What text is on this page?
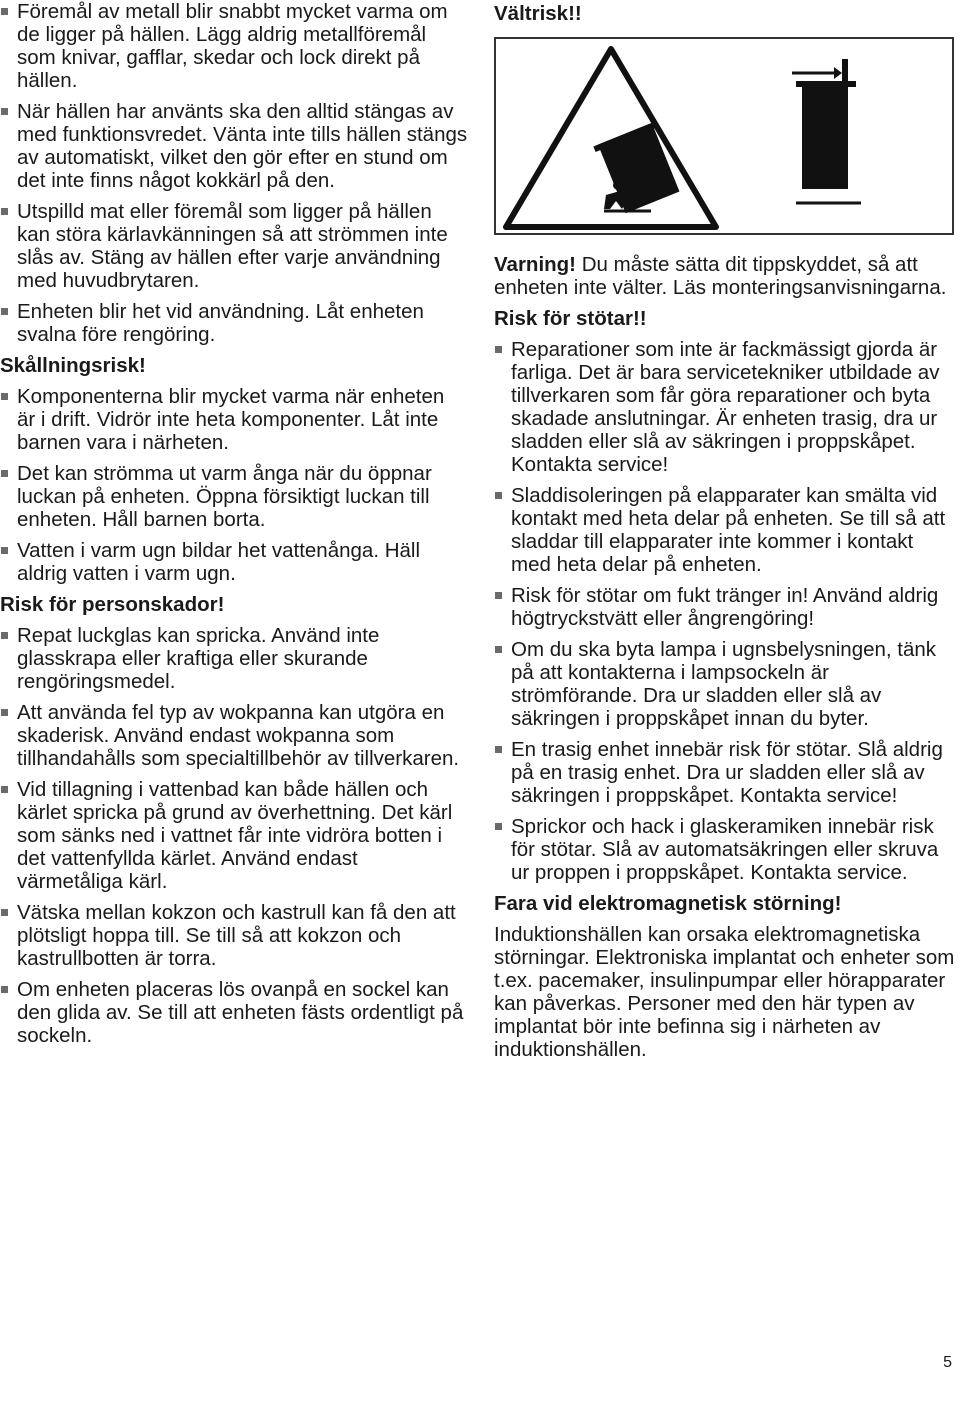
Föremål av metall blir snabbt mycket varma om de ligger på hällen. Lägg aldrig metallföremål som knivar, gafflar, skedar och lock direkt på hällen.
När hällen har använts ska den alltid stängas av med funktionsvredet. Vänta inte tills hällen stängs av automatiskt, vilket den gör efter en stund om det inte finns något kokkärl på den.
Utspilld mat eller föremål som ligger på hällen kan störa kärlavkänningen så att strömmen inte slås av. Stäng av hällen efter varje användning med huvudbrytaren.
Enheten blir het vid användning. Låt enheten svalna före rengöring.
Skållningsrisk!
Komponenterna blir mycket varma när enheten är i drift. Vidrör inte heta komponenter. Låt inte barnen vara i närheten.
Det kan strömma ut varm ånga när du öppnar luckan på enheten. Öppna försiktigt luckan till enheten. Håll barnen borta.
Vatten i varm ugn bildar het vattenånga. Häll aldrig vatten i varm ugn.
Risk för personskador!
Repat luckglas kan spricka. Använd inte glasskrapa eller kraftiga eller skurande rengöringsmedel.
Att använda fel typ av wokpanna kan utgöra en skaderisk. Använd endast wokpanna som tillhandahålls som specialtillbehör av tillverkaren.
Vid tillagning i vattenbad kan både hällen och kärlet spricka på grund av överhettning. Det kärl som sänks ned i vattnet får inte vidröra botten i det vattenfyllda kärlet. Använd endast värmetåliga kärl.
Vätska mellan kokzon och kastrull kan få den att plötsligt hoppa till. Se till så att kokzon och kastrullbotten är torra.
Om enheten placeras lös ovanpå en sockel kan den glida av. Se till att enheten fästs ordentligt på sockeln.
Vältrisk!!
Varning! Du måste sätta dit tippskyddet, så att enheten inte välter. Läs monteringsanvisningarna.
Risk för stötar!!
Reparationer som inte är fackmässigt gjorda är farliga. Det är bara servicetekniker utbildade av tillverkaren som får göra reparationer och byta skadade anslutningar. Är enheten trasig, dra ur sladden eller slå av säkringen i proppskåpet. Kontakta service!
Sladdisoleringen på elapparater kan smälta vid kontakt med heta delar på enheten. Se till så att sladdar till elapparater inte kommer i kontakt med heta delar på enheten.
Risk för stötar om fukt tränger in! Använd aldrig högtryckstvätt eller ångrengöring!
Om du ska byta lampa i ugnsbelysningen, tänk på att kontakterna i lampsockeln är strömförande. Dra ur sladden eller slå av säkringen i proppskåpet innan du byter.
En trasig enhet innebär risk för stötar. Slå aldrig på en trasig enhet. Dra ur sladden eller slå av säkringen i proppskåpet. Kontakta service!
Sprickor och hack i glaskeramiken innebär risk för stötar. Slå av automatsäkringen eller skruva ur proppen i proppskåpet. Kontakta service.
Fara vid elektromagnetisk störning!
Induktionshällen kan orsaka elektromagnetiska störningar. Elektroniska implantat och enheter som t.ex. pacemaker, insulinpumpar eller hörapparater kan påverkas. Personer med den här typen av implantat bör inte befinna sig i närheten av induktionshällen.
5
